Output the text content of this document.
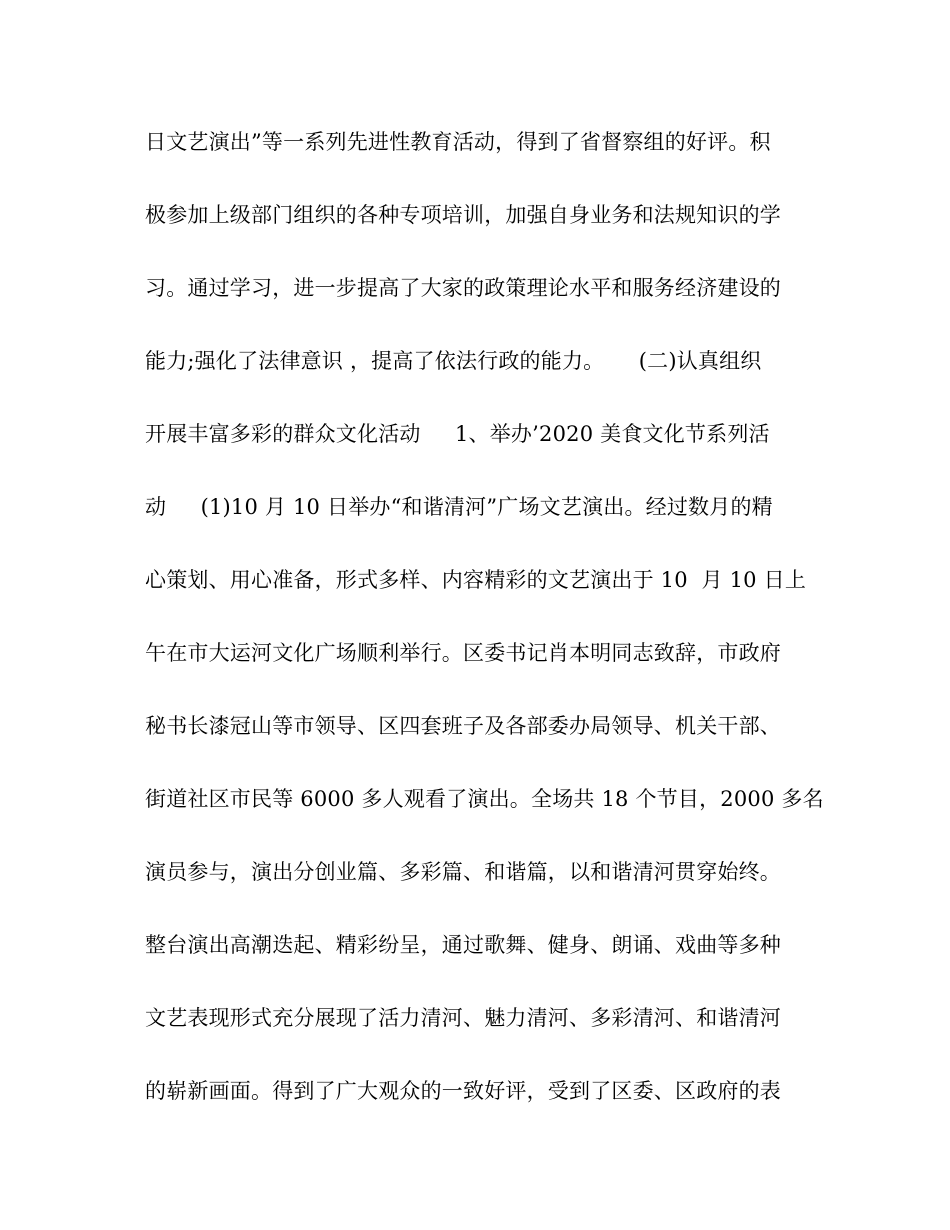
日文艺演出”等一系列先进性教育活动，得到了省督察组的好评。积
极参加上级部门组织的各种专项培训，加强自身业务和法规知识的学
习。通过学习，进一步提高了大家的政策理论水平和服务经济建设的
能力;强化了法律意识 ，提高了依法行政的能力。     (二)认真组织
开展丰富多彩的群众文化活动     1、举办’2020 美食文化节系列活
动     (1)10 月 10 日举办“和谐清河”广场文艺演出。经过数月的精
心策划、用心准备，形式多样、内容精彩的文艺演出于 10  月 10 日上
午在市大运河文化广场顺利举行。区委书记肖本明同志致辞，市政府
秘书长漆冠山等市领导、区四套班子及各部委办局领导、机关干部、
街道社区市民等 6000 多人观看了演出。全场共 18 个节目，2000 多名
演员参与，演出分创业篇、多彩篇、和谐篇，以和谐清河贯穿始终。
整台演出高潮迭起、精彩纷呈，通过歌舞、健身、朗诵、戏曲等多种
文艺表现形式充分展现了活力清河、魅力清河、多彩清河、和谐清河
的崭新画面。得到了广大观众的一致好评，受到了区委、区政府的表
